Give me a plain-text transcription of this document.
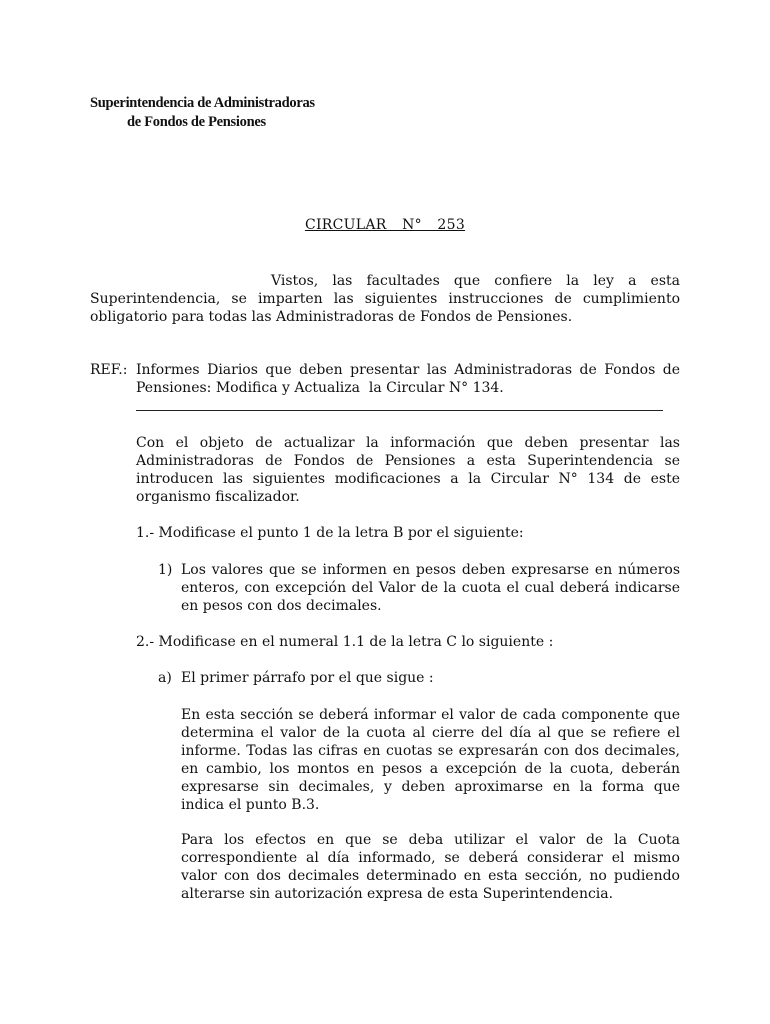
Superintendencia de Administradoras
de Fondos de Pensiones
CIRCULAR  N°  253
Vistos, las facultades que confiere la ley a esta
Superintendencia, se imparten las siguientes instrucciones de cumplimiento obligatorio para todas las Administradoras de Fondos de Pensiones.
REF.: Informes Diarios que deben presentar las Administradoras de Fondos de Pensiones: Modifica y Actualiza  la Circular N° 134.
Con el objeto de actualizar la información que deben presentar las Administradoras de Fondos de Pensiones a esta Superintendencia se introducen las siguientes modificaciones a la Circular N° 134 de este organismo fiscalizador.
1.- Modificase el punto 1 de la letra B por el siguiente:
1) Los valores que se informen en pesos deben expresarse en números enteros, con excepción del Valor de la cuota el cual deberá indicarse en pesos con dos decimales.
2.- Modificase en el numeral 1.1 de la letra C lo siguiente :
a) El primer párrafo por el que sigue :
En esta sección se deberá informar el valor de cada componente que determina el valor de la cuota al cierre del día al que se refiere el informe. Todas las cifras en cuotas se expresarán con dos decimales, en cambio, los montos en pesos a excepción de la cuota, deberán expresarse sin decimales, y deben aproximarse en la forma que indica el punto B.3.
Para los efectos en que se deba utilizar el valor de la Cuota correspondiente al día informado, se deberá considerar el mismo valor con dos decimales determinado en esta sección, no pudiendo alterarse sin autorización expresa de esta Superintendencia.
